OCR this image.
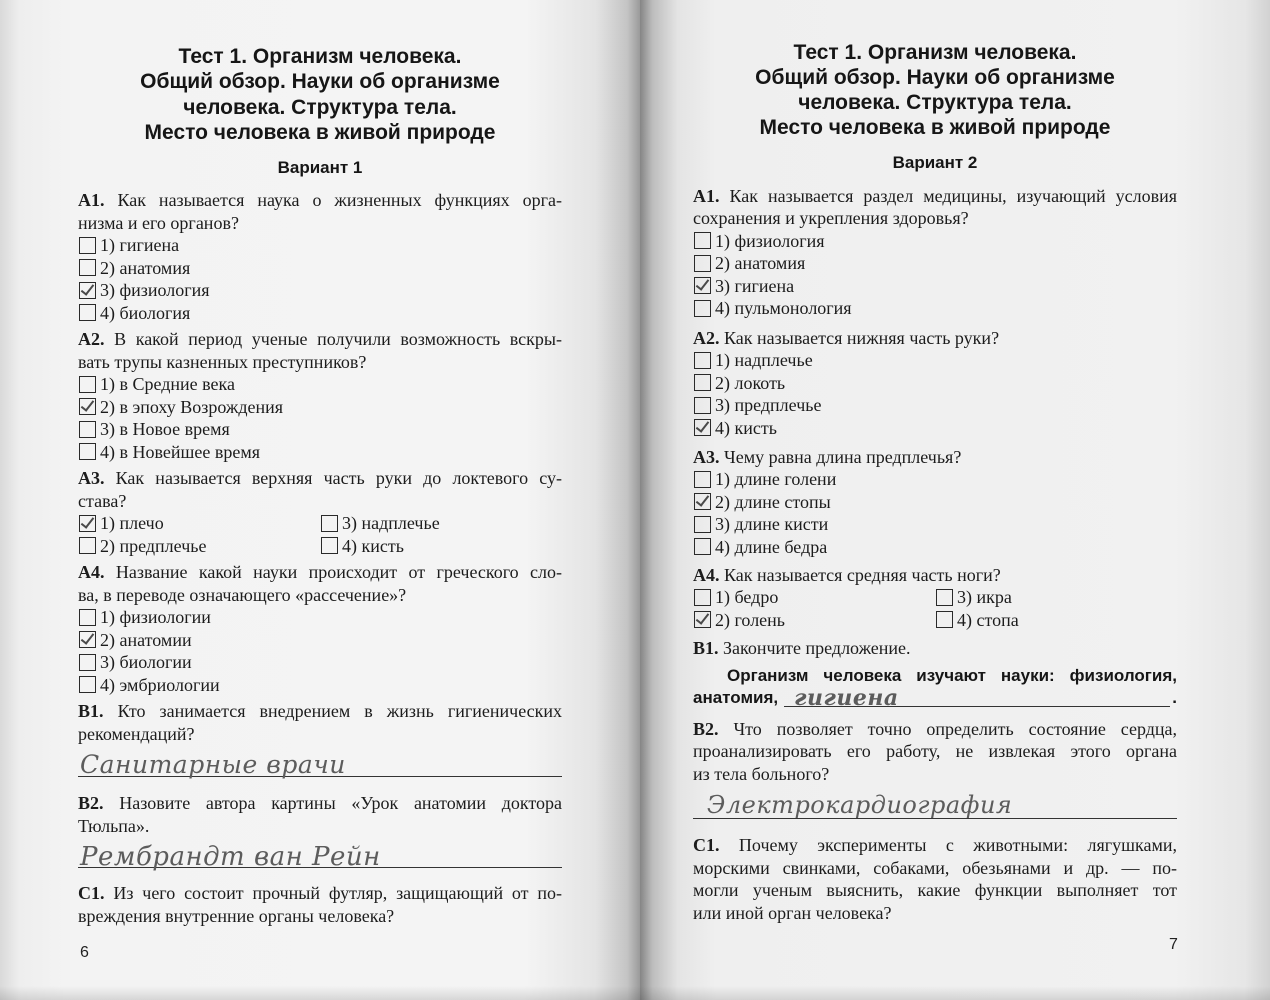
Тест 1. Организм человека.
Общий обзор. Науки об организме
человека. Структура тела.
Место человека в живой природе
Вариант 1
А1. Как называется наука о жизненных функциях орга-
низма и его органов?
1) гигиена
2) анатомия
3) физиология
4) биология
А2. В какой период ученые получили возможность вскры-
вать трупы казненных преступников?
1) в Средние века
2) в эпоху Возрождения
3) в Новое время
4) в Новейшее время
А3. Как называется верхняя часть руки до локтевого су-
става?
1) плечо	3) надплечье
2) предплечье	4) кисть
А4. Название какой науки происходит от греческого сло-
ва, в переводе означающего «рассечение»?
1) физиологии
2) анатомии
3) биологии
4) эмбриологии
В1. Кто занимается внедрением в жизнь гигиенических
рекомендаций?
Санитарные врачи
В2. Назовите автора картины «Урок анатомии доктора
Тюльпа».
Рембрандт ван Рейн
С1. Из чего состоит прочный футляр, защищающий от по-
вреждения внутренние органы человека?
6
Тест 1. Организм человека.
Общий обзор. Науки об организме
человека. Структура тела.
Место человека в живой природе
Вариант 2
А1. Как называется раздел медицины, изучающий условия
сохранения и укрепления здоровья?
1) физиология
2) анатомия
3) гигиена
4) пульмонология
А2. Как называется нижняя часть руки?
1) надплечье
2) локоть
3) предплечье
4) кисть
А3. Чему равна длина предплечья?
1) длине голени
2) длине стопы
3) длине кисти
4) длине бедра
А4. Как называется средняя часть ноги?
1) бедро	3) икра
2) голень	4) стопа
В1. Закончите предложение.
Организм человека изучают науки: физиология,
анатомия, гигиена	.
В2. Что позволяет точно определить состояние сердца,
проанализировать его работу, не извлекая этого органа
из тела больного?
Электрокардиография
С1. Почему эксперименты с животными: лягушками,
морскими свинками, собаками, обезьянами и др. — по-
могли ученым выяснить, какие функции выполняет тот
или иной орган человека?
7
